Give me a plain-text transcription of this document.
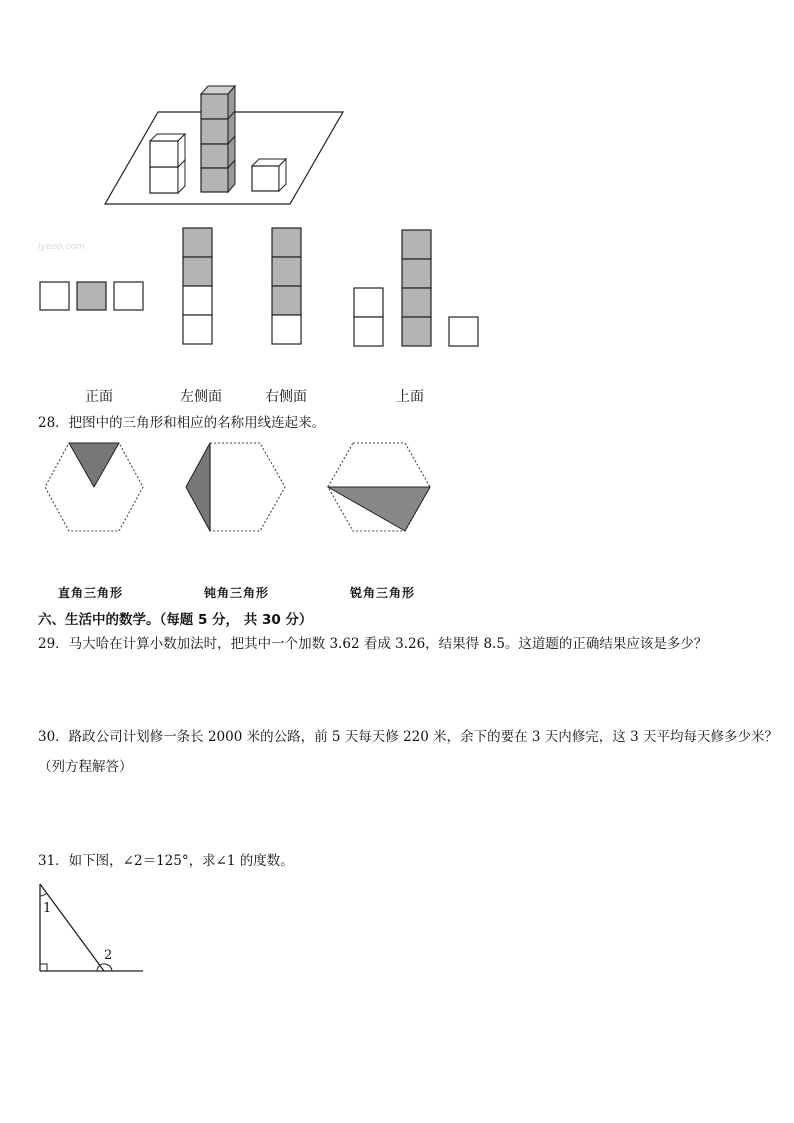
Jyeoo.com
正面	左侧面	右侧面	上面
28．把图中的三角形和相应的名称用线连起来。
直角三角形	钝角三角形	锐角三角形
六、生活中的数学。（每题 5 分， 共 30 分）
29．马大哈在计算小数加法时，把其中一个加数 3.62 看成 3.26，结果得 8.5。这道题的正确结果应该是多少？
30．路政公司计划修一条长 2000 米的公路，前 5 天每天修 220 米，余下的要在 3 天内修完，这 3 天平均每天修多少米？
（列方程解答）
31．如下图，∠2＝125°，求∠1 的度数。
1
2
